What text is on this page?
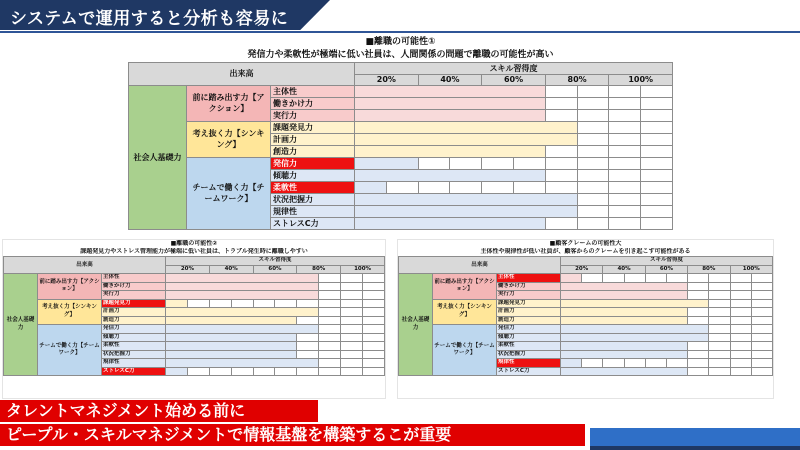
システムで運用すると分析も容易に
■離職の可能性①
発信力や柔軟性が極端に低い社員は、人間関係の問題で離職の可能性が高い
出来高			スキル習得度									
			20%		40%		60%		80%		100%	
社会人基礎力	前に踏み出す力【アクション】	主体性										
		働きかけ力										
		実行力										
	考え抜く力【シンキング】	課題発見力										
		計画力										
		創造力										
	チームで働く力【チームワーク】	発信力										
		傾聴力										
		柔軟性										
		状況把握力										
		規律性										
		ストレスC力										
■離職の可能性②
課題発見力やストレス管理能力が極端に低い社員は、トラブル発生時に離職しやすい
出来高			スキル習得度									
			20%		40%		60%		80%		100%	
社会人基礎力	前に踏み出す力【アクション】	主体性										
		働きかけ力										
		実行力										
	考え抜く力【シンキング】	課題発見力										
		計画力										
		創造力										
	チームで働く力【チームワーク】	発信力										
		傾聴力										
		柔軟性										
		状況把握力										
		規律性										
		ストレスC力										
■顧客クレームの可能性大
主体性や規律性が低い社員が、顧客からのクレームを引き起こす可能性がある
出来高			スキル習得度									
			20%		40%		60%		80%		100%	
社会人基礎力	前に踏み出す力【アクション】	主体性										
		働きかけ力										
		実行力										
	考え抜く力【シンキング】	課題発見力										
		計画力										
		創造力										
	チームで働く力【チームワーク】	発信力										
		傾聴力										
		柔軟性										
		状況把握力										
		規律性										
		ストレスC力										
タレントマネジメント始める前に
ピープル・スキルマネジメントで情報基盤を構築するこが重要
